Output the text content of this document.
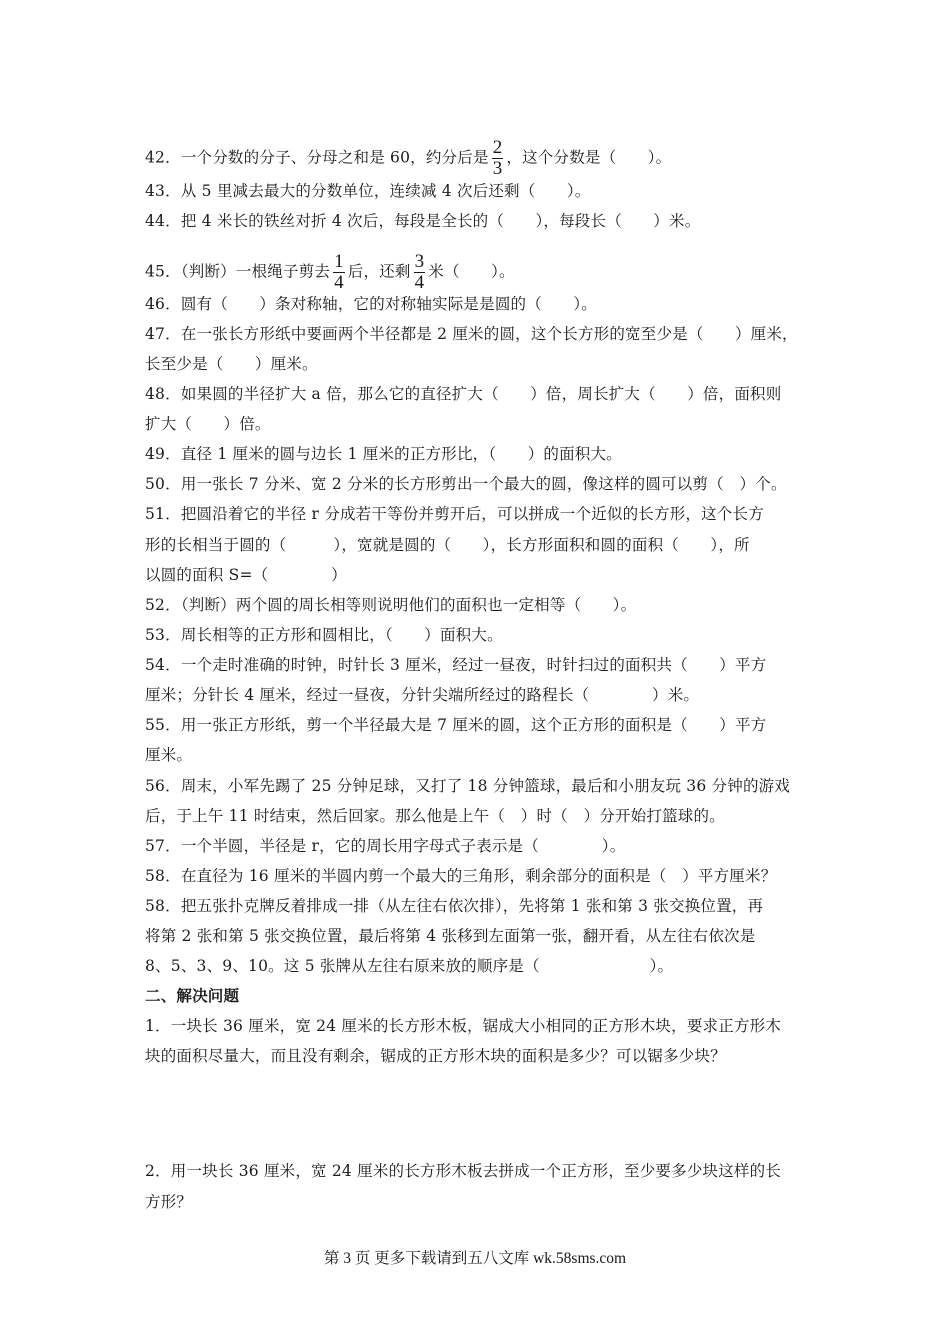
42．一个分数的分子、分母之和是 60，约分后是 $\frac{2}{3}$ ，这个分数是（　　）。
43．从 5 里减去最大的分数单位，连续减 4 次后还剩（　　）。
44．把 4 米长的铁丝对折 4 次后，每段是全长的（　　），每段长（　　）米。
45．（判断）一根绳子剪去 $\frac{1}{4}$ 后，还剩 $\frac{3}{4}$ 米（　　）。
46．圆有（　　）条对称轴，它的对称轴实际是是圆的（　　）。
47．在一张长方形纸中要画两个半径都是 2 厘米的圆，这个长方形的宽至少是（　　）厘米，
长至少是（　　）厘米。
48．如果圆的半径扩大 a 倍，那么它的直径扩大（　　）倍，周长扩大（　　）倍，面积则
扩大（　　）倍。
49．直径 1 厘米的圆与边长 1 厘米的正方形比，（　　）的面积大。
50．用一张长 7 分米、宽 2 分米的长方形剪出一个最大的圆，像这样的圆可以剪（　）个。
51．把圆沿着它的半径 r 分成若干等份并剪开后，可以拼成一个近似的长方形，这个长方
形的长相当于圆的（　　　），宽就是圆的（　　），长方形面积和圆的面积（　　），所
以圆的面积 S=（　　　　）
52．（判断）两个圆的周长相等则说明他们的面积也一定相等（　　）。
53．周长相等的正方形和圆相比，（　　）面积大。
54．一个走时准确的时钟，时针长 3 厘米，经过一昼夜，时针扫过的面积共（　　）平方
厘米；分针长 4 厘米，经过一昼夜，分针尖端所经过的路程长（　　　　）米。
55．用一张正方形纸，剪一个半径最大是 7 厘米的圆，这个正方形的面积是（　　）平方
厘米。
56．周末，小军先踢了 25 分钟足球，又打了 18 分钟篮球，最后和小朋友玩 36 分钟的游戏
后，于上午 11 时结束，然后回家。那么他是上午（　）时（　）分开始打篮球的。
57．一个半圆，半径是 r，它的周长用字母式子表示是（　　　　）。
58．在直径为 16 厘米的半圆内剪一个最大的三角形，剩余部分的面积是（　）平方厘米？
58．把五张扑克牌反着排成一排（从左往右依次排），先将第 1 张和第 3 张交换位置，再
将第 2 张和第 5 张交换位置，最后将第 4 张移到左面第一张，翻开看，从左往右依次是
8、5、3、9、10。这 5 张牌从左往右原来放的顺序是（　　　　　　　）。
二、解决问题
1．一块长 36 厘米，宽 24 厘米的长方形木板，锯成大小相同的正方形木块，要求正方形木
块的面积尽量大，而且没有剩余，锯成的正方形木块的面积是多少？可以锯多少块？
2．用一块长 36 厘米，宽 24 厘米的长方形木板去拼成一个正方形，至少要多少块这样的长
方形？
第 3 页 更多下载请到五八文库 wk.58sms.com
